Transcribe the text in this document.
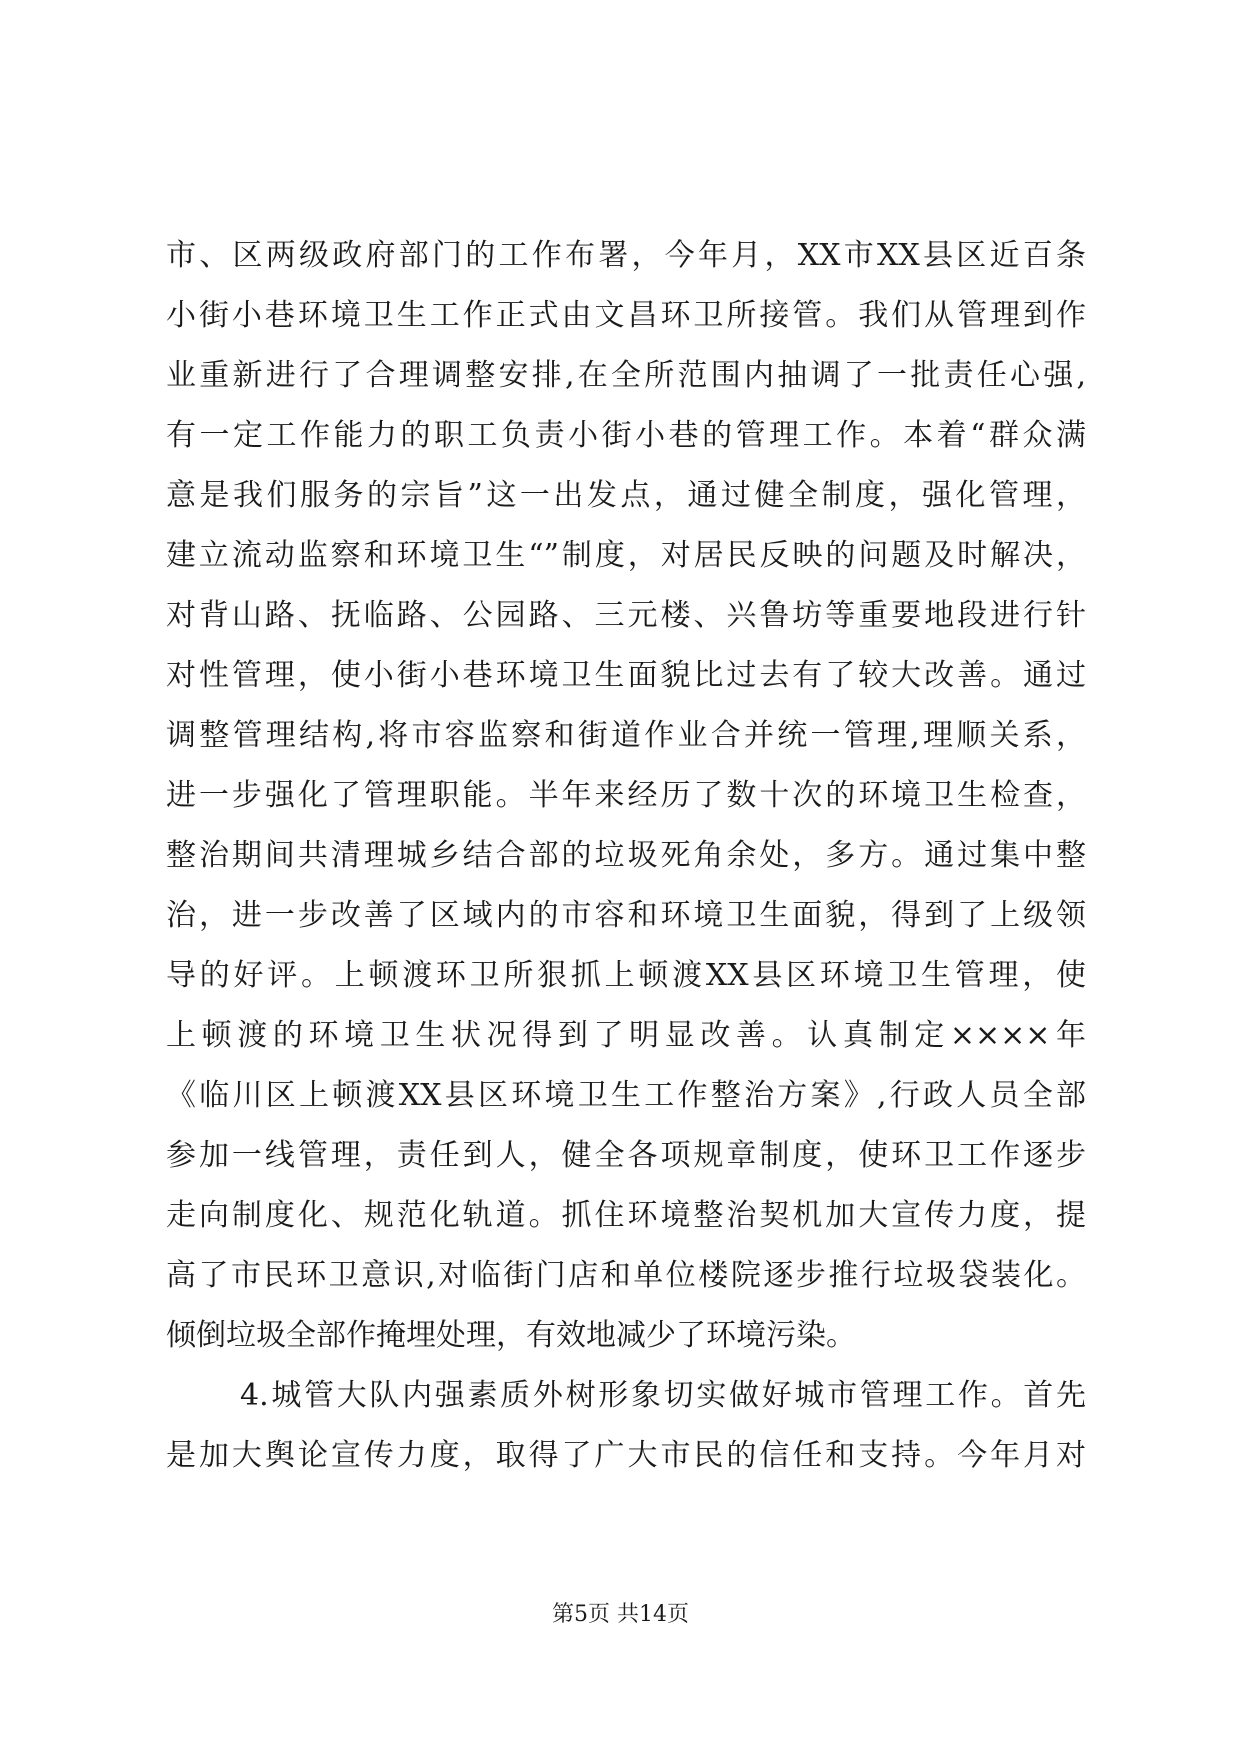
市、区两级政府部门的工作布署，今年月，XX市XX县区近百条
小街小巷环境卫生工作正式由文昌环卫所接管。我们从管理到作
业重新进行了合理调整安排,在全所范围内抽调了一批责任心强,
有一定工作能力的职工负责小街小巷的管理工作。本着“群众满
意是我们服务的宗旨”这一出发点，通过健全制度，强化管理，
建立流动监察和环境卫生“”制度，对居民反映的问题及时解决，
对背山路、抚临路、公园路、三元楼、兴鲁坊等重要地段进行针
对性管理，使小街小巷环境卫生面貌比过去有了较大改善。通过
调整管理结构,将市容监察和街道作业合并统一管理,理顺关系，
进一步强化了管理职能。半年来经历了数十次的环境卫生检查，
整治期间共清理城乡结合部的垃圾死角余处，多方。通过集中整
治，进一步改善了区域内的市容和环境卫生面貌，得到了上级领
导的好评。上顿渡环卫所狠抓上顿渡XX县区环境卫生管理，使
上顿渡的环境卫生状况得到了明显改善。认真制定××××年
《临川区上顿渡XX县区环境卫生工作整治方案》,行政人员全部
参加一线管理，责任到人，健全各项规章制度，使环卫工作逐步
走向制度化、规范化轨道。抓住环境整治契机加大宣传力度，提
高了市民环卫意识,对临街门店和单位楼院逐步推行垃圾袋装化。
倾倒垃圾全部作掩埋处理，有效地减少了环境污染。
4.城管大队内强素质外树形象切实做好城市管理工作。首先
是加大舆论宣传力度，取得了广大市民的信任和支持。今年月对
第5页 共14页
